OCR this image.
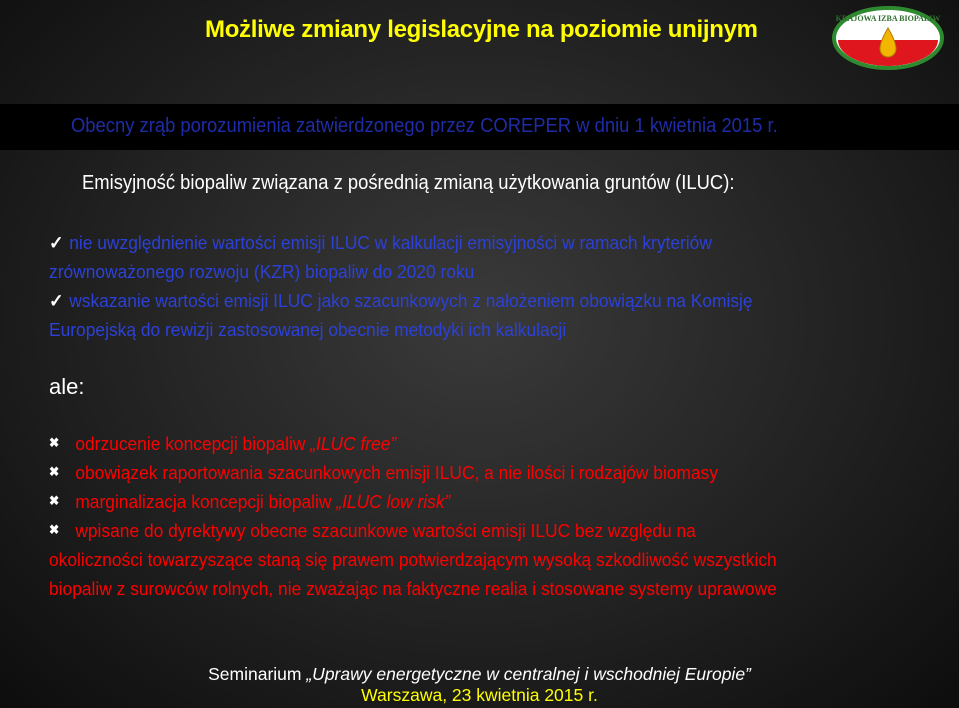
Możliwe zmiany legislacyjne na poziomie unijnym	KRAJOWA IZBA BIOPALIW
Obecny zrąb porozumienia zatwierdzonego przez COREPER w dniu 1 kwietnia 2015 r.
Emisyjność biopaliw związana z pośrednią zmianą użytkowania gruntów (ILUC):
✓ nie uwzględnienie wartości emisji ILUC w kalkulacji emisyjności w ramach kryteriów
zrównoważonego rozwoju (KZR) biopaliw do 2020 roku
✓ wskazanie wartości emisji ILUC jako szacunkowych z nałożeniem obowiązku na Komisję
Europejską do rewizji zastosowanej obecnie metodyki ich kalkulacji
ale:
✖ odrzucenie koncepcji biopaliw „ILUC free”
✖ obowiązek raportowania szacunkowych emisji ILUC, a nie ilości i rodzajów biomasy
✖ marginalizacja koncepcji biopaliw „ILUC low risk”
✖ wpisane do dyrektywy obecne szacunkowe wartości emisji ILUC bez względu na
okoliczności towarzyszące staną się prawem potwierdzającym wysoką szkodliwość wszystkich
biopaliw z surowców rolnych, nie zważając na faktyczne realia i stosowane systemy uprawowe
Seminarium „Uprawy energetyczne w centralnej i wschodniej Europie”
Warszawa, 23 kwietnia 2015 r.
